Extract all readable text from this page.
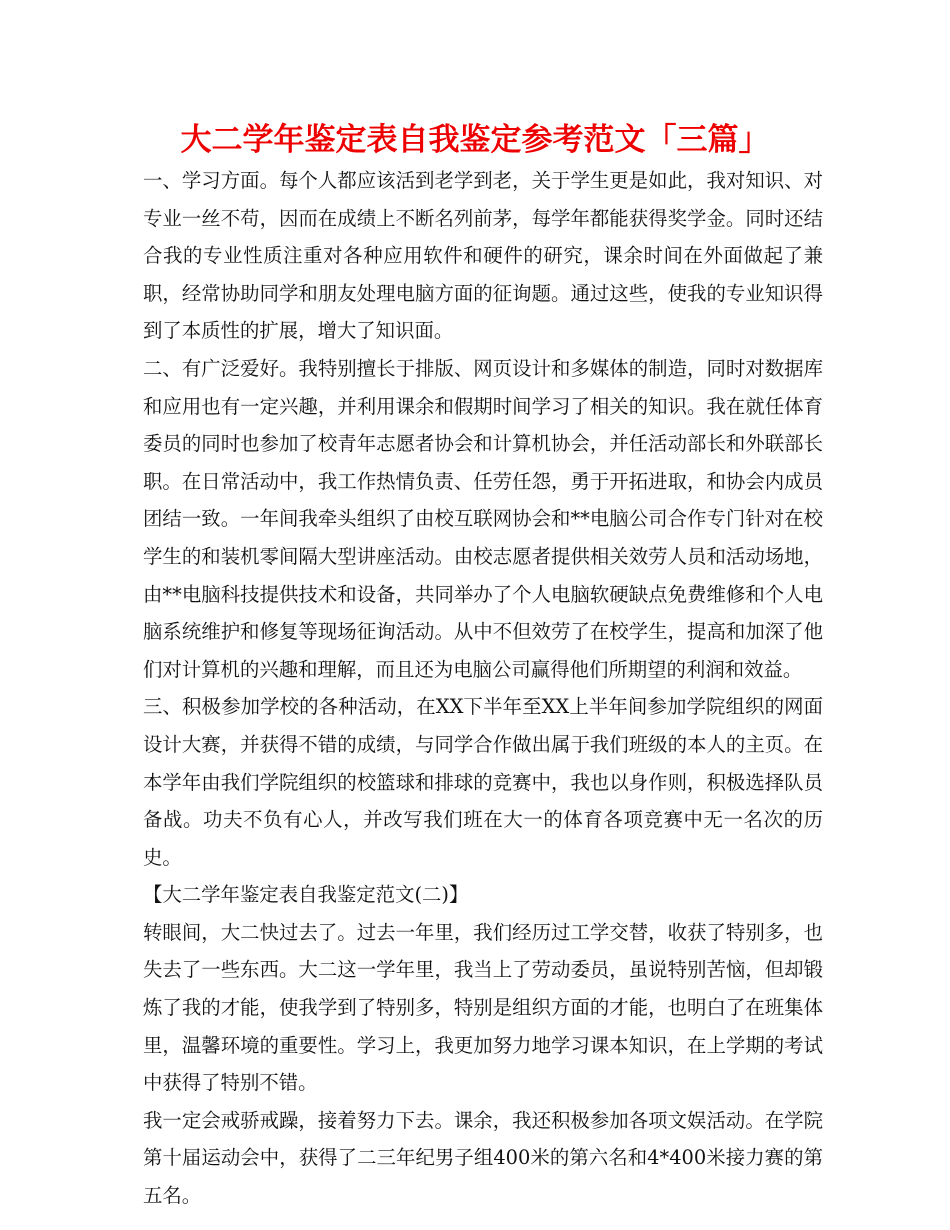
大二学年鉴定表自我鉴定参考范文「三篇」

一、学习方面。每个人都应该活到老学到老，关于学生更是如此，我对知识、对专业一丝不苟，因而在成绩上不断名列前茅，每学年都能获得奖学金。同时还结合我的专业性质注重对各种应用软件和硬件的研究，课余时间在外面做起了兼职，经常协助同学和朋友处理电脑方面的征询题。通过这些，使我的专业知识得到了本质性的扩展，增大了知识面。

二、有广泛爱好。我特别擅长于排版、网页设计和多媒体的制造，同时对数据库和应用也有一定兴趣，并利用课余和假期时间学习了相关的知识。我在就任体育委员的同时也参加了校青年志愿者协会和计算机协会，并任活动部长和外联部长职。在日常活动中，我工作热情负责、任劳任怨，勇于开拓进取，和协会内成员团结一致。一年间我牵头组织了由校互联网协会和**电脑公司合作专门针对在校学生的和装机零间隔大型讲座活动。由校志愿者提供相关效劳人员和活动场地，由**电脑科技提供技术和设备，共同举办了个人电脑软硬缺点免费维修和个人电脑系统维护和修复等现场征询活动。从中不但效劳了在校学生，提高和加深了他们对计算机的兴趣和理解，而且还为电脑公司赢得他们所期望的利润和效益。

三、积极参加学校的各种活动，在XX下半年至XX上半年间参加学院组织的网面设计大赛，并获得不错的成绩，与同学合作做出属于我们班级的本人的主页。在本学年由我们学院组织的校篮球和排球的竞赛中，我也以身作则，积极选择队员备战。功夫不负有心人，并改写我们班在大一的体育各项竞赛中无一名次的历史。

【大二学年鉴定表自我鉴定范文(二)】

转眼间，大二快过去了。过去一年里，我们经历过工学交替，收获了特别多，也失去了一些东西。大二这一学年里，我当上了劳动委员，虽说特别苦恼，但却锻炼了我的才能，使我学到了特别多，特别是组织方面的才能，也明白了在班集体里，温馨环境的重要性。学习上，我更加努力地学习课本知识，在上学期的考试中获得了特别不错。

我一定会戒骄戒躁，接着努力下去。课余，我还积极参加各项文娱活动。在学院第十届运动会中，获得了二三年纪男子组400米的第六名和4*400米接力赛的第五名。
